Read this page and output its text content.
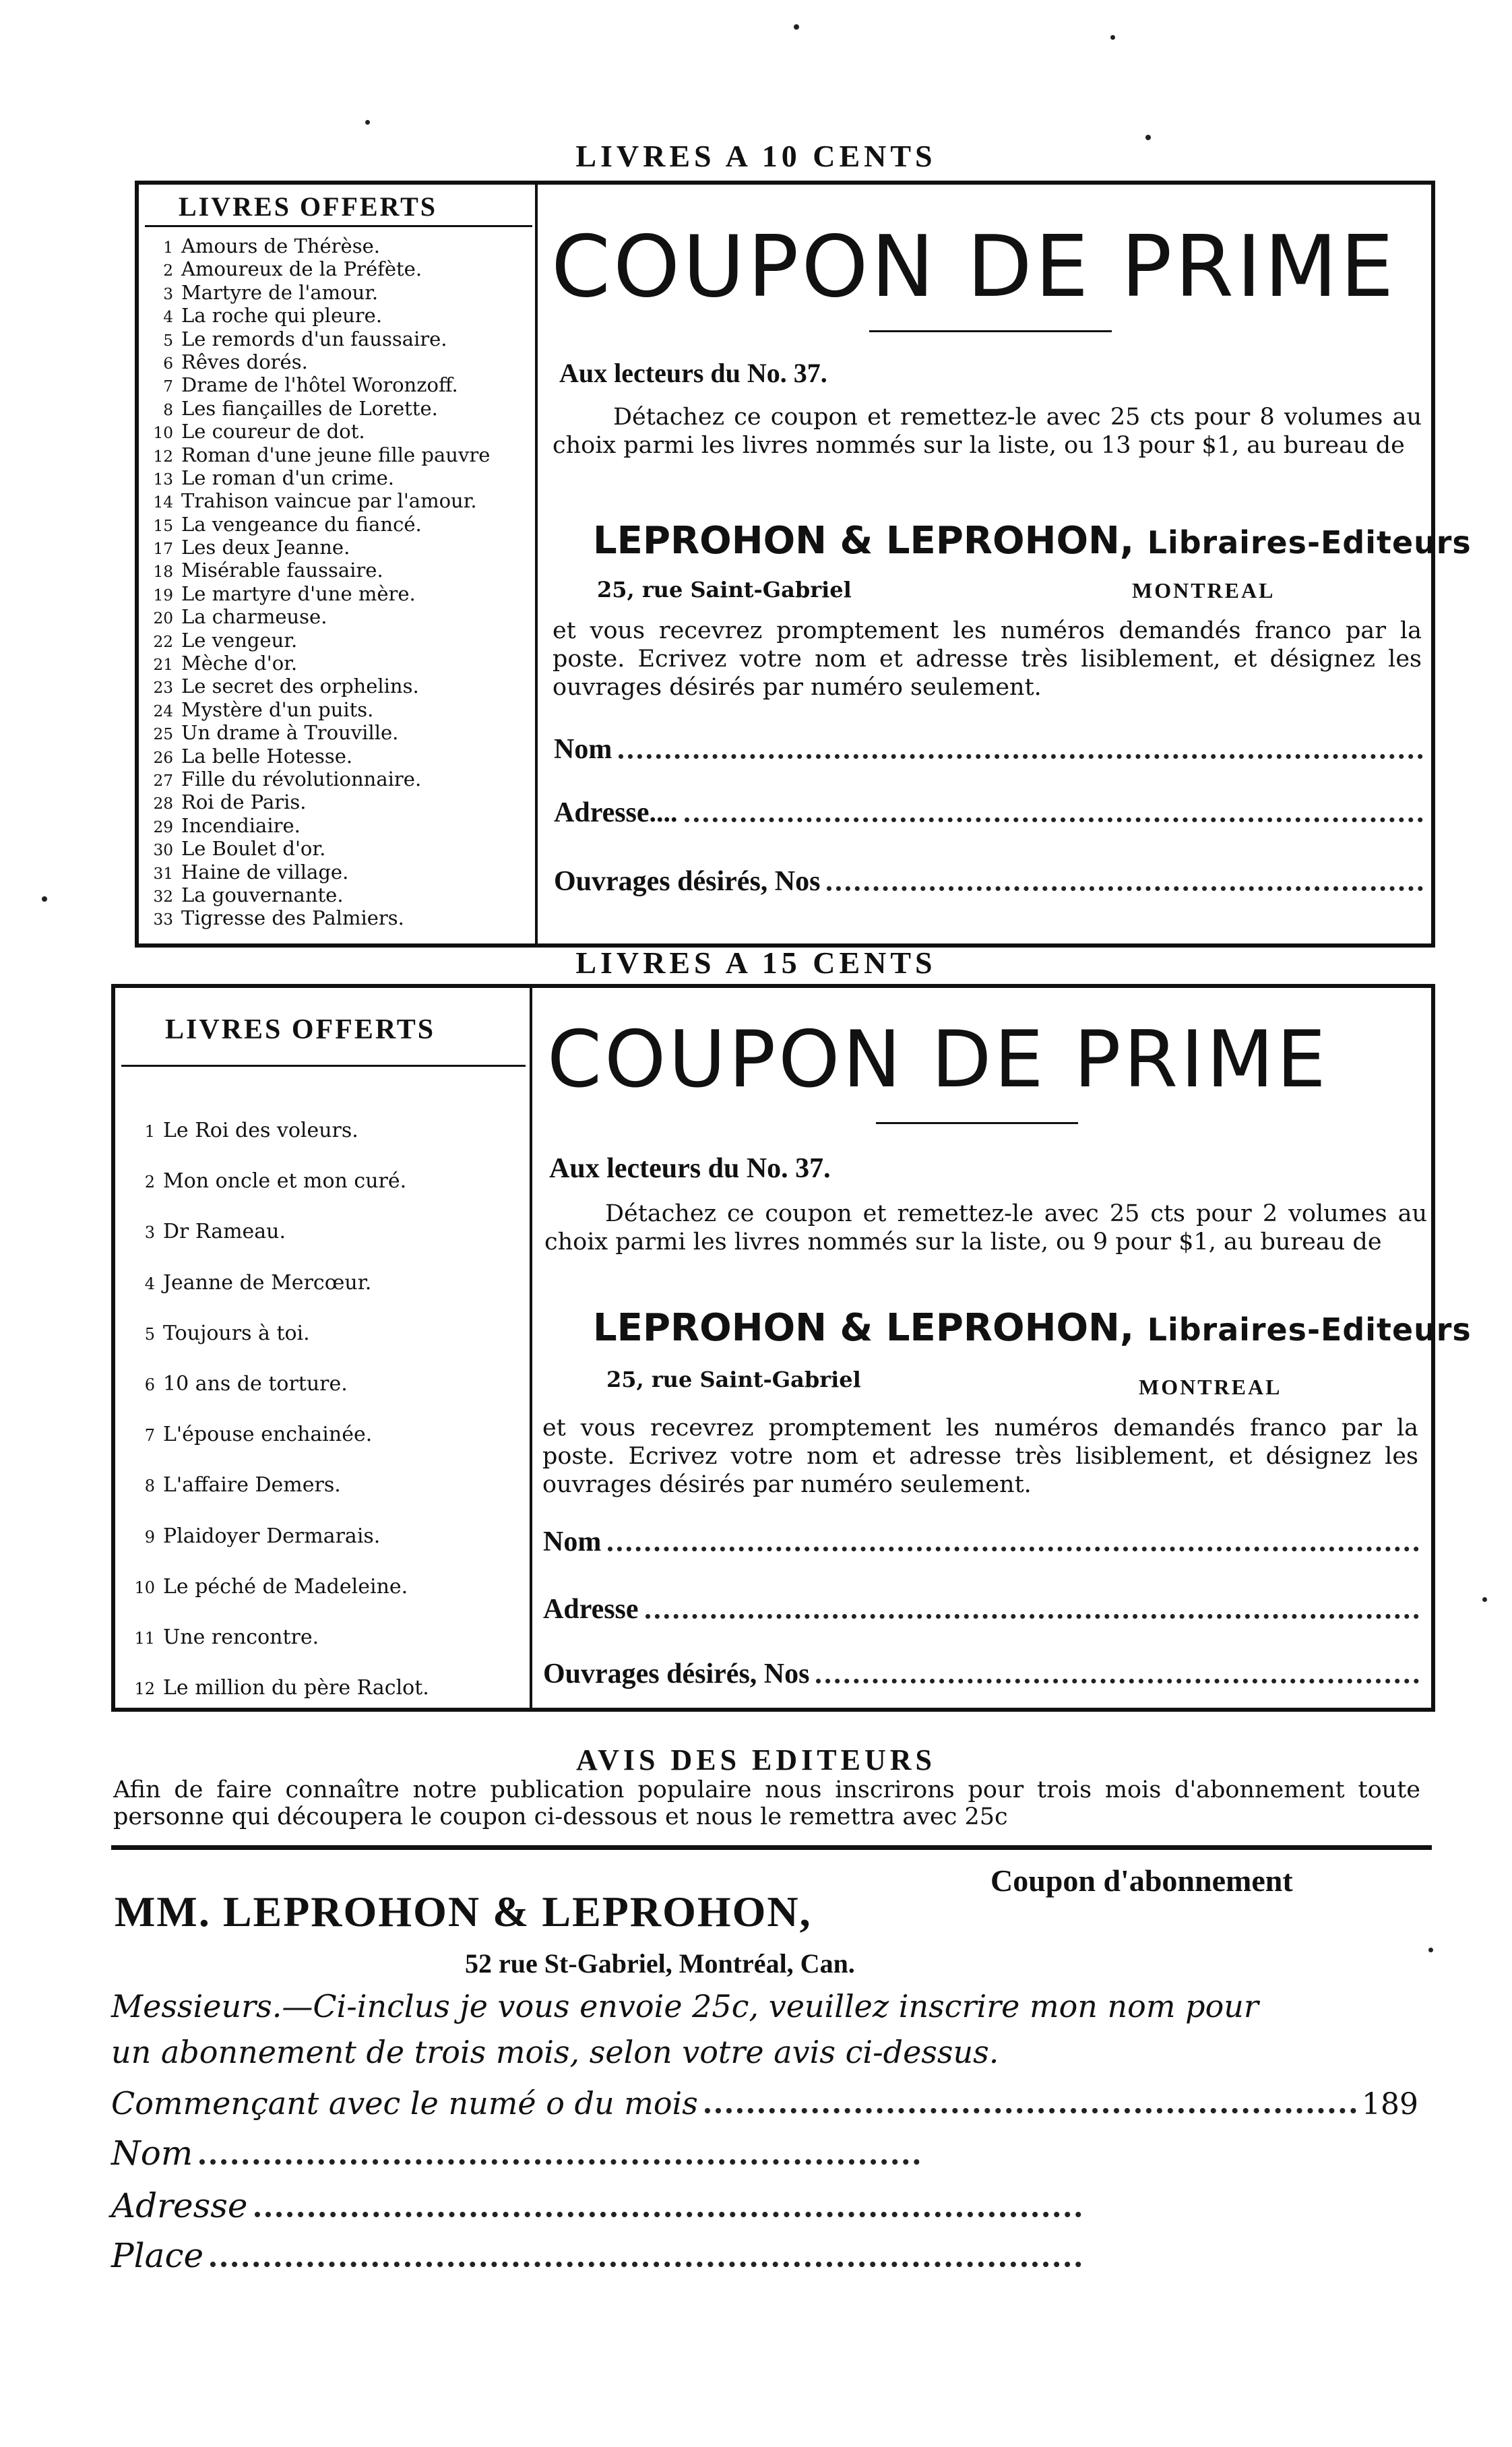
LIVRES A 10 CENTS
LIVRES OFFERTS
1 Amours de Thérèse.
2 Amoureux de la Préfète.
3 Martyre de l'amour.
4 La roche qui pleure.
5 Le remords d'un faussaire.
6 Rêves dorés.
7 Drame de l'hôtel Woronzoff.
8 Les fiançailles de Lorette.
10 Le coureur de dot.
12 Roman d'une jeune fille pauvre
13 Le roman d'un crime.
14 Trahison vaincue par l'amour.
15 La vengeance du fiancé.
17 Les deux Jeanne.
18 Misérable faussaire.
19 Le martyre d'une mère.
20 La charmeuse.
22 Le vengeur.
21 Mèche d'or.
23 Le secret des orphelins.
24 Mystère d'un puits.
25 Un drame à Trouville.
26 La belle Hotesse.
27 Fille du révolutionnaire.
28 Roi de Paris.
29 Incendiaire.
30 Le Boulet d'or.
31 Haine de village.
32 La gouvernante.
33 Tigresse des Palmiers.
COUPON DE PRIME
Aux lecteurs du No. 37.
Détachez ce coupon et remettez-le avec 25 cts pour 8 volumes au choix parmi les livres nommés sur la liste, ou 13 pour $1, au bureau de
LEPROHON & LEPROHON, Libraires-Editeurs
25, rue Saint-Gabriel	MONTREAL
et vous recevrez promptement les numéros demandés franco par la poste. Ecrivez votre nom et adresse très lisiblement, et désignez les ouvrages désirés par numéro seulement.
Nom
Adresse....
Ouvrages désirés, Nos
LIVRES A 15 CENTS
LIVRES OFFERTS
1 Le Roi des voleurs.
2 Mon oncle et mon curé.
3 Dr Rameau.
4 Jeanne de Mercœur.
5 Toujours à toi.
6 10 ans de torture.
7 L'épouse enchainée.
8 L'affaire Demers.
9 Plaidoyer Dermarais.
10 Le péché de Madeleine.
11 Une rencontre.
12 Le million du père Raclot.
COUPON DE PRIME
Aux lecteurs du No. 37.
Détachez ce coupon et remettez-le avec 25 cts pour 2 volumes au choix parmi les livres nommés sur la liste, ou 9 pour $1, au bureau de
LEPROHON & LEPROHON, Libraires-Editeurs
25, rue Saint-Gabriel	MONTREAL
et vous recevrez promptement les numéros demandés franco par la poste. Ecrivez votre nom et adresse très lisiblement, et désignez les ouvrages désirés par numéro seulement.
Nom
Adresse
Ouvrages désirés, Nos
AVIS DES EDITEURS
Afin de faire connaître notre publication populaire nous inscrirons pour trois mois d'abonnement toute personne qui découpera le coupon ci-dessous et nous le remettra avec 25c
Coupon d'abonnement
MM. LEPROHON & LEPROHON,
52 rue St-Gabriel, Montréal, Can.
Messieurs.—Ci-inclus je vous envoie 25c, veuillez inscrire mon nom pour
un abonnement de trois mois, selon votre avis ci-dessus.
Commençant avec le numé o du mois	189
Nom
Adresse
Place
